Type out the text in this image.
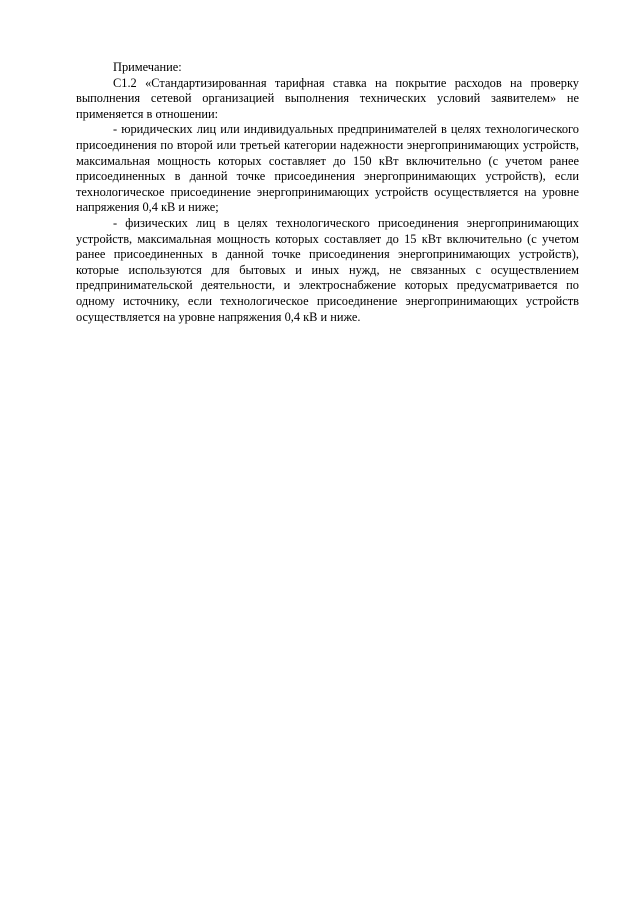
Примечание:

С1.2 «Стандартизированная тарифная ставка на покрытие расходов на проверку выполнения сетевой организацией выполнения технических условий заявителем» не применяется в отношении:

- юридических лиц или индивидуальных предпринимателей в целях технологического присоединения по второй или третьей категории надежности энергопринимающих устройств, максимальная мощность которых составляет до 150 кВт включительно (с учетом ранее присоединенных в данной точке присоединения энергопринимающих устройств), если технологическое присоединение энергопринимающих устройств осуществляется на уровне напряжения 0,4 кВ и ниже;

- физических лиц в целях технологического присоединения энергопринимающих устройств, максимальная мощность которых составляет до 15 кВт включительно (с учетом ранее присоединенных в данной точке присоединения энергопринимающих устройств), которые используются для бытовых и иных нужд, не связанных с осуществлением предпринимательской деятельности, и электроснабжение которых предусматривается по одному источнику, если технологическое присоединение энергопринимающих устройств осуществляется на уровне напряжения 0,4 кВ и ниже.
